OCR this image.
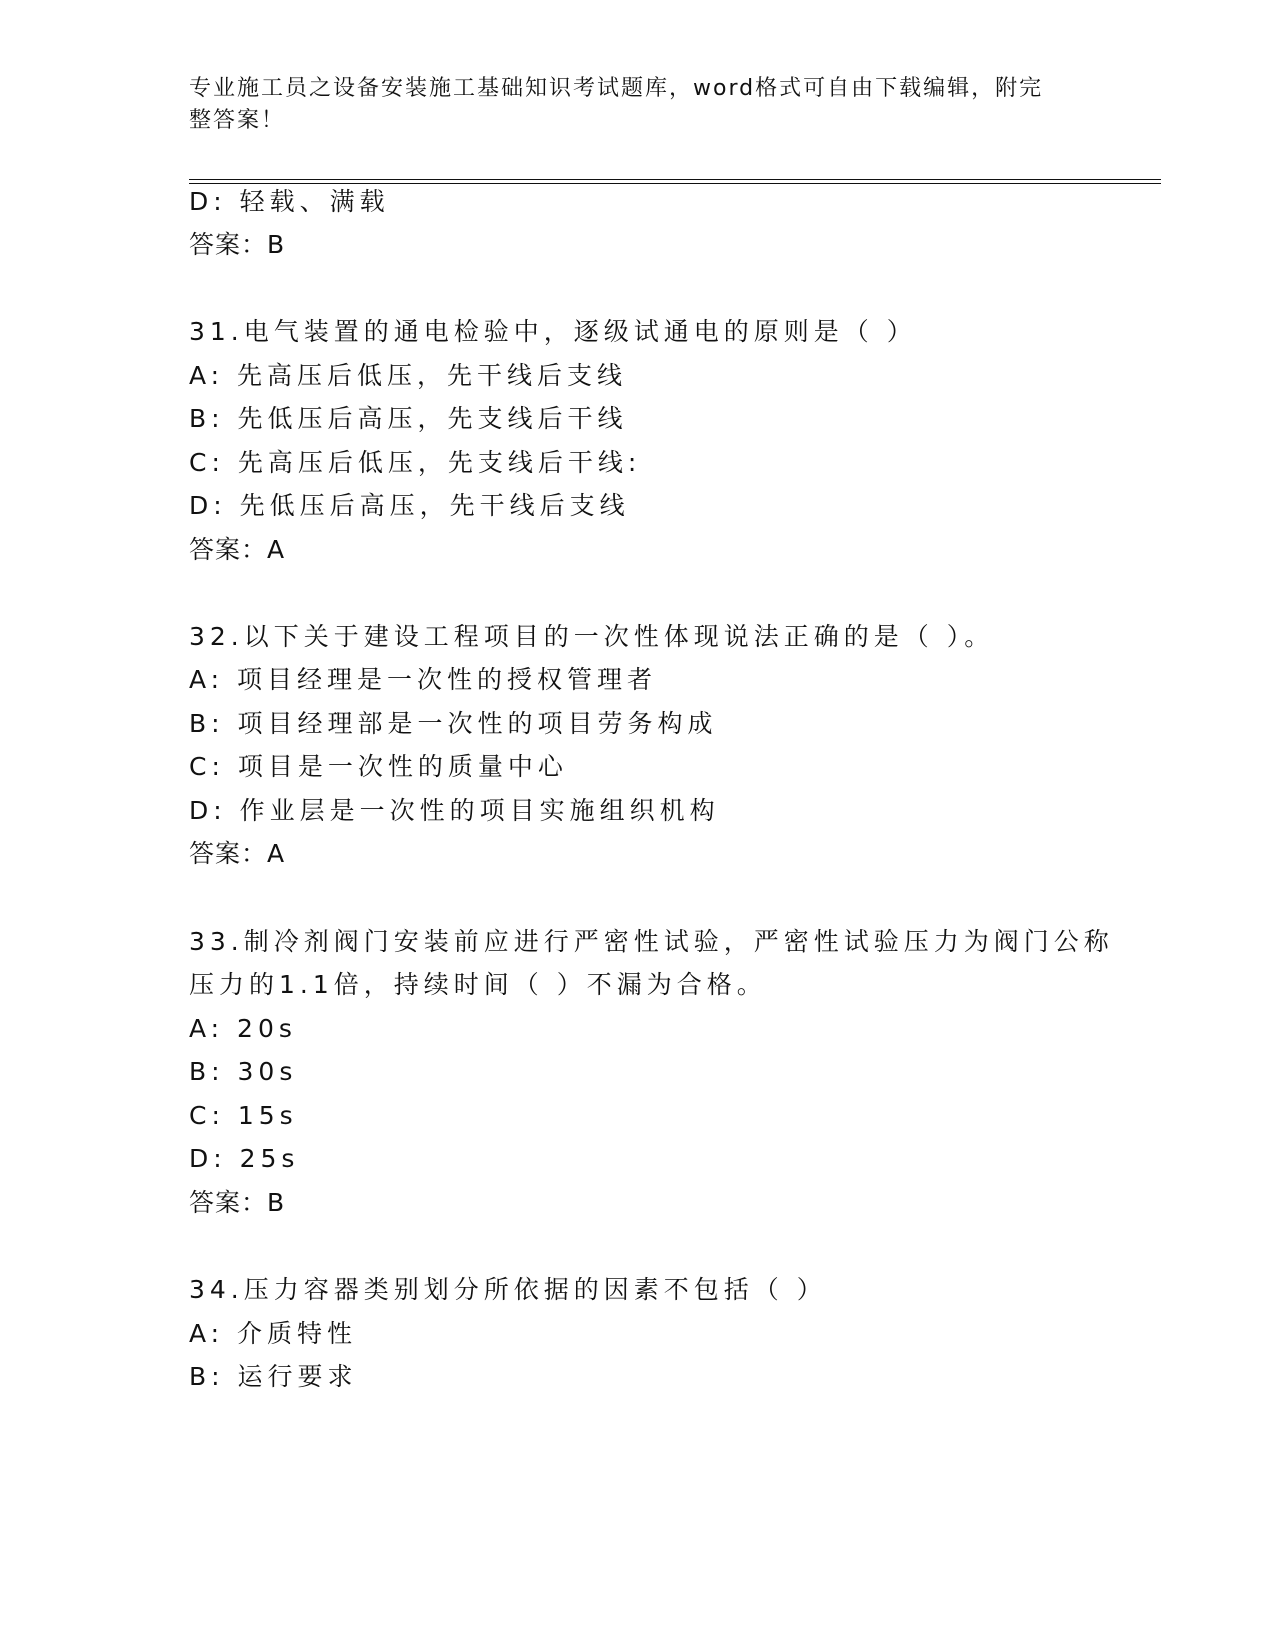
专业施工员之设备安装施工基础知识考试题库，word格式可自由下载编辑，附完
整答案！
D: 轻载、满载
答案：B
31.电气装置的通电检验中，逐级试通电的原则是（ ）
A: 先高压后低压，先干线后支线
B: 先低压后高压，先支线后干线
C: 先高压后低压，先支线后干线:
D: 先低压后高压，先干线后支线
答案：A
32.以下关于建设工程项目的一次性体现说法正确的是（ ）。
A: 项目经理是一次性的授权管理者
B: 项目经理部是一次性的项目劳务构成
C: 项目是一次性的质量中心
D: 作业层是一次性的项目实施组织机构
答案：A
33.制冷剂阀门安装前应进行严密性试验，严密性试验压力为阀门公称
压力的1.1倍，持续时间（ ）不漏为合格。
A: 20s
B: 30s
C: 15s
D: 25s
答案：B
34.压力容器类别划分所依据的因素不包括（ ）
A: 介质特性
B: 运行要求
